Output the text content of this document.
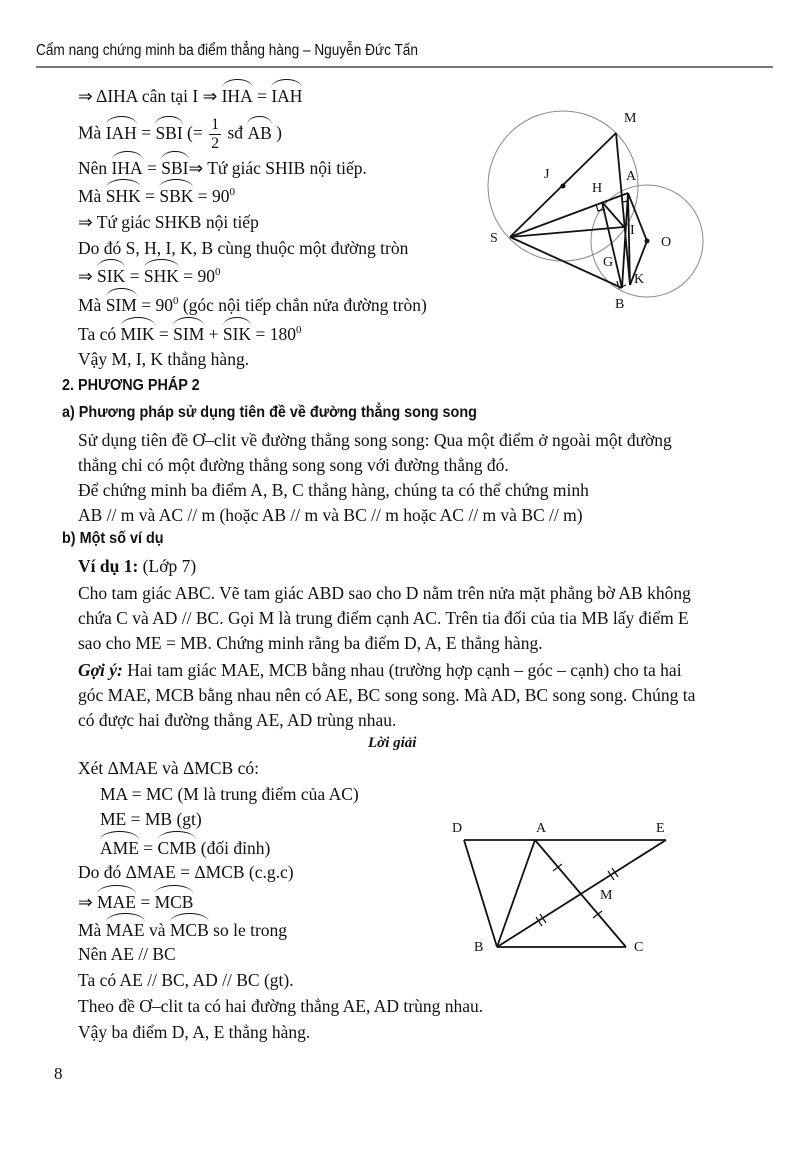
Cẩm nang chứng minh ba điểm thẳng hàng – Nguyễn Đức Tấn
⇒ ΔIHA cân tại I ⇒ IHA = IAH
Mà IAH = SBI (= $\frac{1}{2}$ sđ AB )
Nên IHA = SBI⇒ Tứ giác SHIB nội tiếp.
Mà SHK = SBK = $90^0$
⇒ Tứ giác SHKB nội tiếp
Do đó S, H, I, K, B cùng thuộc một đường tròn
⇒ SIK = SHK = $90^0$
Mà SIM = $90^0$ (góc nội tiếp chắn nửa đường tròn)
Ta có MIK = SIM + SIK = $180^0$
Vậy M, I, K thẳng hàng.
M
J
H
A
S
I
O
G
K
B
2. PHƯƠNG PHÁP 2
a) Phương pháp sử dụng tiên đề về đường thẳng song song
Sử dụng tiên đề Ơ–clit về đường thẳng song song: Qua một điểm ở ngoài một đường
thẳng chỉ có một đường thẳng song song với đường thẳng đó.
Để chứng minh ba điểm A, B, C thẳng hàng, chúng ta có thể chứng minh
AB // m và AC // m (hoặc AB // m và BC // m hoặc AC // m và BC // m)
b) Một số ví dụ
Ví dụ 1: (Lớp 7)
Cho tam giác ABC. Vẽ tam giác ABD sao cho D nằm trên nửa mặt phẳng bờ AB không
chứa C và AD // BC. Gọi M là trung điểm cạnh AC. Trên tia đối của tia MB lấy điểm E
sao cho ME = MB. Chứng minh rằng ba điểm D, A, E thẳng hàng.
Gợi ý: Hai tam giác MAE, MCB bằng nhau (trường hợp cạnh – góc – cạnh) cho ta hai
góc MAE, MCB bằng nhau nên có AE, BC song song. Mà AD, BC song song. Chúng ta
có được hai đường thẳng AE, AD trùng nhau.
Lời giải
Xét ΔMAE và ΔMCB có:
MA = MC (M là trung điểm của AC)
ME = MB (gt)
AME = CMB (đối đỉnh)
Do đó ΔMAE = ΔMCB (c.g.c)
⇒ MAE = MCB
Mà MAE và MCB so le trong
Nên AE // BC
Ta có AE // BC, AD // BC (gt).
Theo đề Ơ–clit ta có hai đường thẳng AE, AD trùng nhau.
Vậy ba điểm D, A, E thẳng hàng.
D	A	E
M
B	C
8
